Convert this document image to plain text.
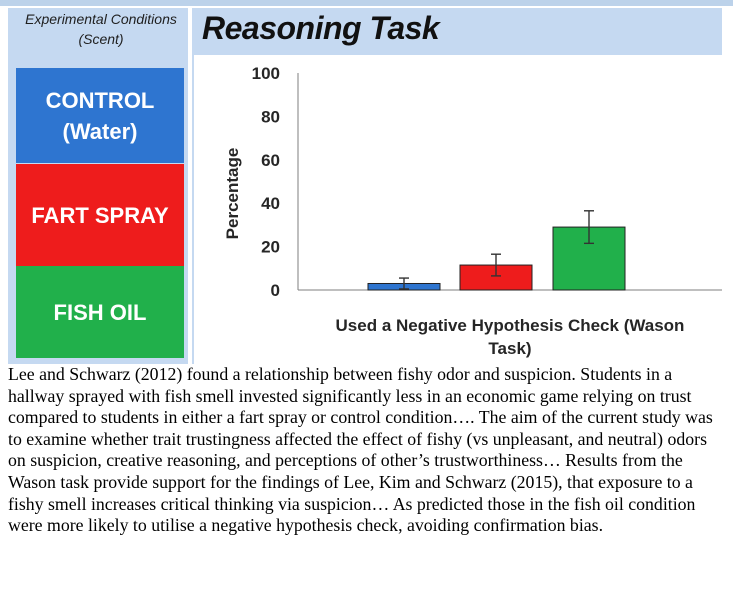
Experimental Conditions
(Scent)
CONTROL
(Water)
FART SPRAY
FISH OIL
Reasoning Task
0
20
40
60
80
100
Percentage
Used a Negative Hypothesis Check (Wason Task)

Lee and Schwarz (2012) found a relationship between fishy odor and suspicion. Students in a hallway sprayed with fish smell invested significantly less in an economic game relying on trust compared to students in either a fart spray or control condition…. The aim of the current study was to examine whether trait trustingness affected the effect of fishy (vs unpleasant, and neutral) odors on suspicion, creative reasoning, and perceptions of other’s trustworthiness… Results from the Wason task provide support for the findings of Lee, Kim and Schwarz (2015), that exposure to a fishy smell increases critical thinking via suspicion… As predicted those in the fish oil condition were more likely to utilise a negative hypothesis check, avoiding confirmation bias.
